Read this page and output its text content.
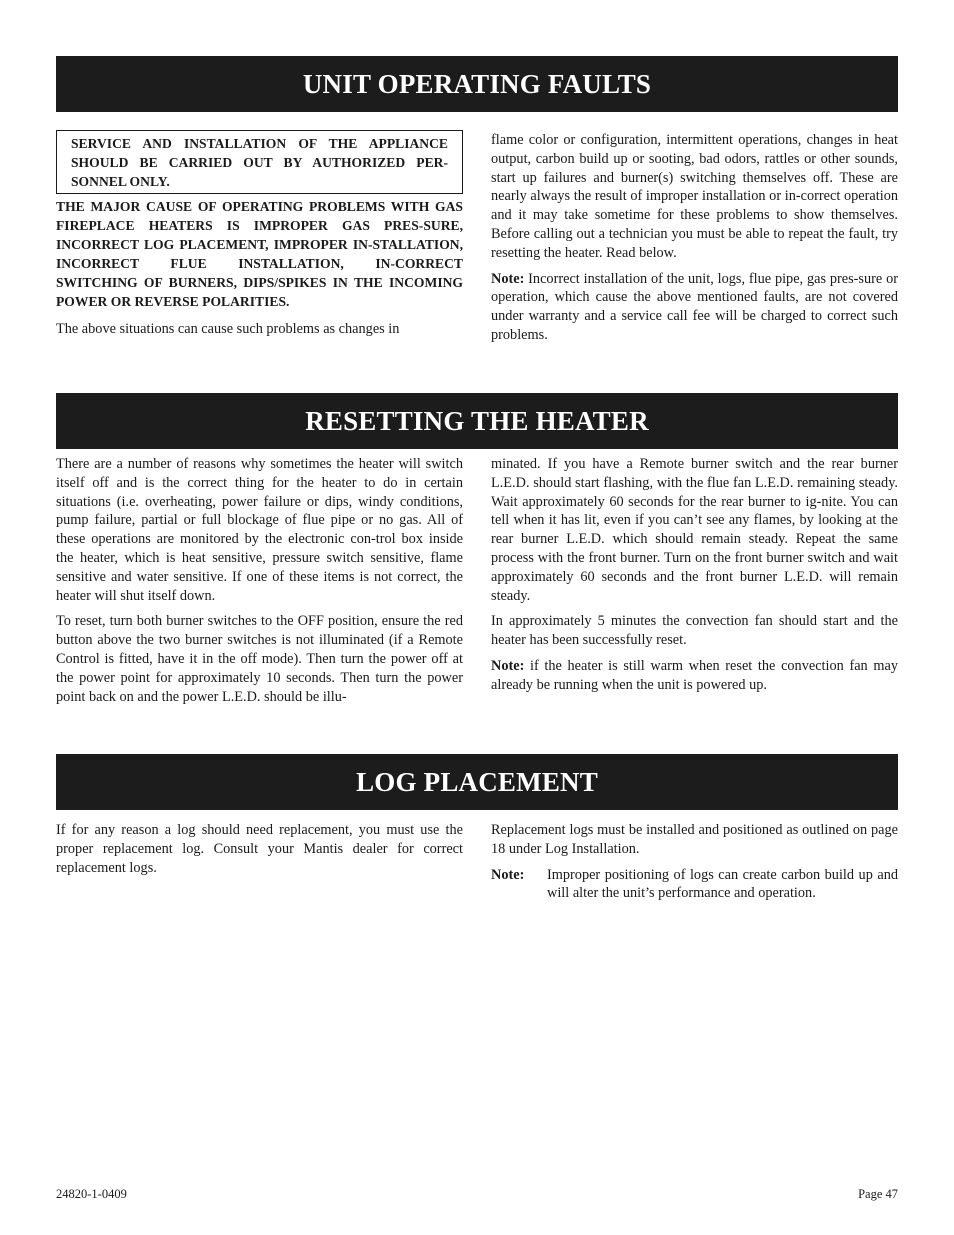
UNIT OPERATING FAULTS
SERVICE AND INSTALLATION OF THE APPLIANCE SHOULD BE CARRIED OUT BY AUTHORIZED PER-SONNEL ONLY.

THE MAJOR CAUSE OF OPERATING PROBLEMS WITH GAS FIREPLACE HEATERS IS IMPROPER GAS PRES-SURE, INCORRECT LOG PLACEMENT, IMPROPER IN-STALLATION, INCORRECT FLUE INSTALLATION, IN-CORRECT SWITCHING OF BURNERS, DIPS/SPIKES IN THE INCOMING POWER OR REVERSE POLARITIES.

The above situations can cause such problems as changes in

flame color or configuration, intermittent operations, changes in heat output, carbon build up or sooting, bad odors, rattles or other sounds, start up failures and burner(s) switching themselves off. These are nearly always the result of improper installation or in-correct operation and it may take sometime for these problems to show themselves. Before calling out a technician you must be able to repeat the fault, try resetting the heater. Read below.

Note: Incorrect installation of the unit, logs, flue pipe, gas pres-sure or operation, which cause the above mentioned faults, are not covered under warranty and a service call fee will be charged to correct such problems.

RESETTING THE HEATER

There are a number of reasons why sometimes the heater will switch itself off and is the correct thing for the heater to do in certain situations (i.e. overheating, power failure or dips, windy conditions, pump failure, partial or full blockage of flue pipe or no gas. All of these operations are monitored by the electronic con-trol box inside the heater, which is heat sensitive, pressure switch sensitive, flame sensitive and water sensitive. If one of these items is not correct, the heater will shut itself down.

To reset, turn both burner switches to the OFF position, ensure the red button above the two burner switches is not illuminated (if a Remote Control is fitted, have it in the off mode). Then turn the power off at the power point for approximately 10 seconds. Then turn the power point back on and the power L.E.D. should be illu-

minated. If you have a Remote burner switch and the rear burner L.E.D. should start flashing, with the flue fan L.E.D. remaining steady. Wait approximately 60 seconds for the rear burner to ig-nite. You can tell when it has lit, even if you can’t see any flames, by looking at the rear burner L.E.D. which should remain steady. Repeat the same process with the front burner. Turn on the front burner switch and wait approximately 60 seconds and the front burner L.E.D. will remain steady.

In approximately 5 minutes the convection fan should start and the heater has been successfully reset.

Note: if the heater is still warm when reset the convection fan may already be running when the unit is powered up.

LOG PLACEMENT

If for any reason a log should need replacement, you must use the proper replacement log. Consult your Mantis dealer for correct replacement logs.

Replacement logs must be installed and positioned as outlined on page 18 under Log Installation.

Note:	Improper positioning of logs can create carbon build up and will alter the unit’s performance and operation.
24820-1-0409	Page 47
